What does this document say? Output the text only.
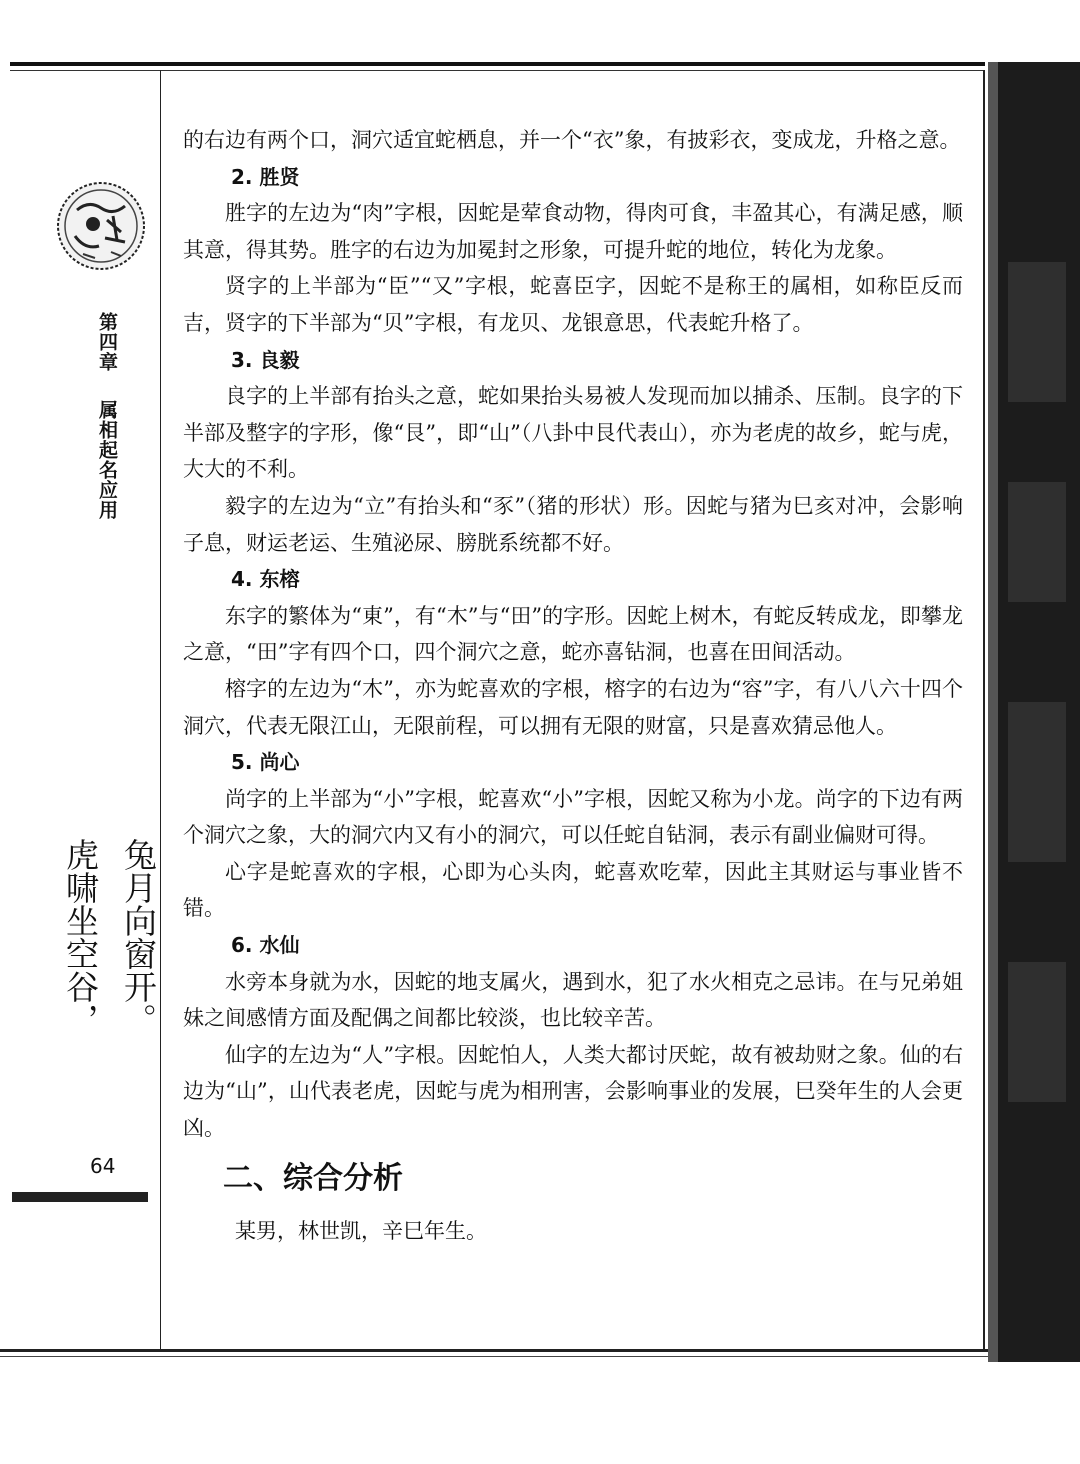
第四章属相起名应用
兔月向窗开。
虎啸坐空谷，
64

的右边有两个口，洞穴适宜蛇栖息，并一个“衣”象，有披彩衣，变成龙，升格之意。

2. 胜贤

胜字的左边为“肉”字根，因蛇是荤食动物，得肉可食，丰盈其心，有满足感，顺其意，得其势。胜字的右边为加冕封之形象，可提升蛇的地位，转化为龙象。

贤字的上半部为“臣”“又”字根，蛇喜臣字，因蛇不是称王的属相，如称臣反而吉，贤字的下半部为“贝”字根，有龙贝、龙银意思，代表蛇升格了。

3. 良毅

良字的上半部有抬头之意，蛇如果抬头易被人发现而加以捕杀、压制。良字的下半部及整字的字形，像“艮”，即“山”（八卦中艮代表山），亦为老虎的故乡，蛇与虎，大大的不利。

毅字的左边为“立”有抬头和“豕”（猪的形状）形。因蛇与猪为巳亥对冲，会影响子息，财运老运、生殖泌尿、膀胱系统都不好。

4. 东榕

东字的繁体为“東”，有“木”与“田”的字形。因蛇上树木，有蛇反转成龙，即攀龙之意，“田”字有四个口，四个洞穴之意，蛇亦喜钻洞，也喜在田间活动。

榕字的左边为“木”，亦为蛇喜欢的字根，榕字的右边为“容”字，有八八六十四个洞穴，代表无限江山，无限前程，可以拥有无限的财富，只是喜欢猜忌他人。

5. 尚心

尚字的上半部为“小”字根，蛇喜欢“小”字根，因蛇又称为小龙。尚字的下边有两个洞穴之象，大的洞穴内又有小的洞穴，可以任蛇自钻洞，表示有副业偏财可得。

心字是蛇喜欢的字根，心即为心头肉，蛇喜欢吃荤，因此主其财运与事业皆不错。

6. 水仙

水旁本身就为水，因蛇的地支属火，遇到水，犯了水火相克之忌讳。在与兄弟姐妹之间感情方面及配偶之间都比较淡，也比较辛苦。

仙字的左边为“人”字根。因蛇怕人，人类大都讨厌蛇，故有被劫财之象。仙的右边为“山”，山代表老虎，因蛇与虎为相刑害，会影响事业的发展，巳癸年生的人会更凶。

二、综合分析

某男，林世凯，辛巳年生。
